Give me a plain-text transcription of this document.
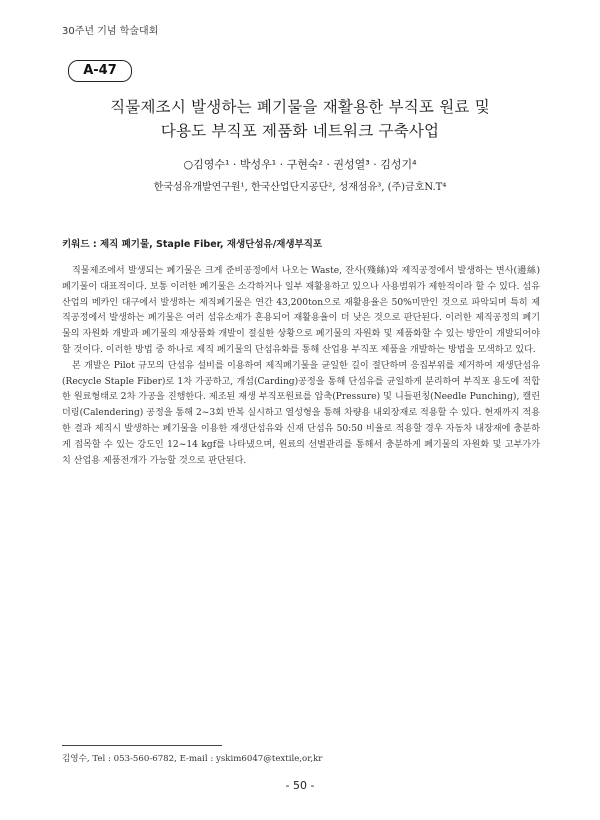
30주년 기념 학술대회
A-47
직물제조시 발생하는 폐기물을 재활용한 부직포 원료 및
다용도 부직포 제품화 네트워크 구축사업
○김영수¹ · 박성우¹ · 구현숙² · 권성열³ · 김성기⁴
한국섬유개발연구원¹, 한국산업단지공단², 성재섬유³, (주)금호N.T⁴
키워드 : 제직 폐기물, Staple Fiber, 재생단섬유/재생부직포

직물제조에서 발생되는 폐기물은 크게 준비공정에서 나오는 Waste, 잔사(殘絲)와 제직공정에서 발생하는 변사(邊絲) 폐기물이 대표적이다. 보통 이러한 폐기물은 소각하거나 일부 재활용하고 있으나 사용범위가 제한적이라 할 수 있다. 섬유산업의 메카인 대구에서 발생하는 제직폐기물은 연간 43,200ton으로 재활용율은 50%미만인 것으로 파악되며 특히 제직공정에서 발생하는 폐기물은 여러 섬유소재가 혼용되어 재활용율이 더 낮은 것으로 판단된다. 이러한 제직공정의 폐기물의 자원화 개발과 폐기물의 재상품화 개발이 절실한 상황으로 폐기물의 자원화 및 제품화할 수 있는 방안이 개발되어야 할 것이다. 이러한 방법 중 하나로 제직 폐기물의 단섬유화를 통해 산업용 부직포 제품을 개발하는 방법을 모색하고 있다.

본 개발은 Pilot 규모의 단섬유 설비를 이용하여 제직폐기물을 균일한 길이 절단하며 응집부위를 제거하여 재생단섬유(Recycle Staple Fiber)로 1차 가공하고, 개섬(Carding)공정을 통해 단섬유를 균일하게 분리하여 부직포 용도에 적합한 원료형태로 2차 가공을 진행한다. 제조된 재생 부직포원료를 압축(Pressure) 및 니들펀칭(Needle Punching), 캘린더링(Calendering) 공정을 통해 2~3회 반복 실시하고 열성형을 통해 차량용 내외장재로 적용할 수 있다. 현재까지 적용한 결과 제직시 발생하는 폐기물을 이용한 재생단섬유와 신재 단섬유 50:50 비율로 적용할 경우 자동차 내장재에 충분하게 접목할 수 있는 강도인 12~14 kgf를 나타냈으며, 원료의 선별관리를 통해서 충분하게 폐기물의 자원화 및 고부가가치 산업용 제품전개가 가능할 것으로 판단된다.

김영수, Tel : 053-560-6782, E-mail : yskim6047@textile,or,kr
- 50 -
